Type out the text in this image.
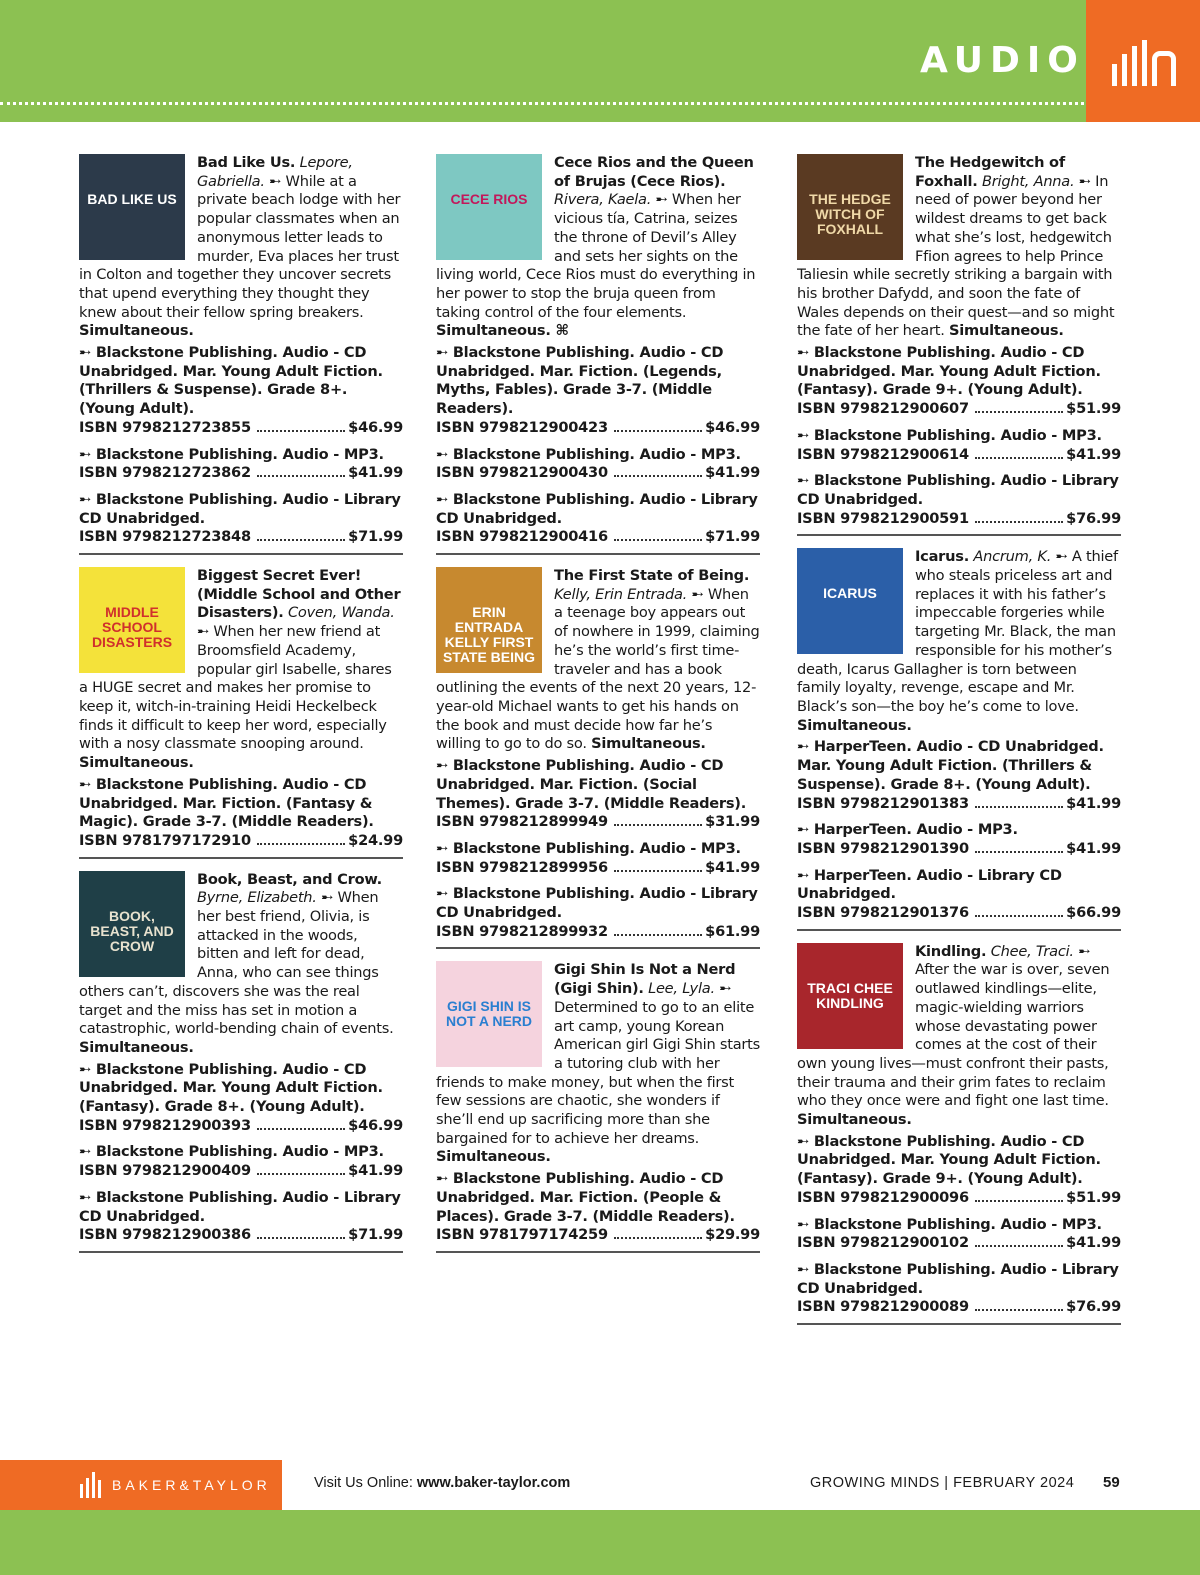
AUDIO
BAD LIKE US
Bad Like Us. Lepore, Gabriella. ➸ While at a private beach lodge with her popular classmates when an anonymous letter leads to murder, Eva places her trust in Colton and together they uncover secrets that upend everything they thought they knew about their fellow spring breakers. Simultaneous.
➸ Blackstone Publishing. Audio - CD Unabridged. Mar. Young Adult Fiction. (Thrillers & Suspense). Grade 8+. (Young Adult).
ISBN 9798212723855	$46.99
➸ Blackstone Publishing. Audio - MP3.
ISBN 9798212723862	$41.99
➸ Blackstone Publishing. Audio - Library CD Unabridged.
ISBN 9798212723848	$71.99
MIDDLE SCHOOL DISASTERS
Biggest Secret Ever! (Middle School and Other Disasters). Coven, Wanda. ➸ When her new friend at Broomsfield Academy, popular girl Isabelle, shares a HUGE secret and makes her promise to keep it, witch-in-training Heidi Heckelbeck finds it difficult to keep her word, especially with a nosy classmate snooping around. Simultaneous.
➸ Blackstone Publishing. Audio - CD Unabridged. Mar. Fiction. (Fantasy & Magic). Grade 3-7. (Middle Readers).
ISBN 9781797172910	$24.99
BOOK, BEAST, AND CROW
Book, Beast, and Crow. Byrne, Elizabeth. ➸ When her best friend, Olivia, is attacked in the woods, bitten and left for dead, Anna, who can see things others can’t, discovers she was the real target and the miss has set in motion a catastrophic, world-bending chain of events. Simultaneous.
➸ Blackstone Publishing. Audio - CD Unabridged. Mar. Young Adult Fiction. (Fantasy). Grade 8+. (Young Adult).
ISBN 9798212900393	$46.99
➸ Blackstone Publishing. Audio - MP3.
ISBN 9798212900409	$41.99
➸ Blackstone Publishing. Audio - Library CD Unabridged.
ISBN 9798212900386	$71.99
CECE RIOS
Cece Rios and the Queen of Brujas (Cece Rios). Rivera, Kaela. ➸ When her vicious tía, Catrina, seizes the throne of Devil’s Alley and sets her sights on the living world, Cece Rios must do everything in her power to stop the bruja queen from taking control of the four elements. Simultaneous. ⌘
➸ Blackstone Publishing. Audio - CD Unabridged. Mar. Fiction. (Legends, Myths, Fables). Grade 3-7. (Middle Readers).
ISBN 9798212900423	$46.99
➸ Blackstone Publishing. Audio - MP3.
ISBN 9798212900430	$41.99
➸ Blackstone Publishing. Audio - Library CD Unabridged.
ISBN 9798212900416	$71.99
ERIN ENTRADA KELLY FIRST STATE BEING
The First State of Being. Kelly, Erin Entrada. ➸ When a teenage boy appears out of nowhere in 1999, claiming he’s the world’s first time-traveler and has a book outlining the events of the next 20 years, 12-year-old Michael wants to get his hands on the book and must decide how far he’s willing to go to do so. Simultaneous.
➸ Blackstone Publishing. Audio - CD Unabridged. Mar. Fiction. (Social Themes). Grade 3-7. (Middle Readers).
ISBN 9798212899949	$31.99
➸ Blackstone Publishing. Audio - MP3.
ISBN 9798212899956	$41.99
➸ Blackstone Publishing. Audio - Library CD Unabridged.
ISBN 9798212899932	$61.99
GIGI SHIN IS NOT A NERD
Gigi Shin Is Not a Nerd (Gigi Shin). Lee, Lyla. ➸ Determined to go to an elite art camp, young Korean American girl Gigi Shin starts a tutoring club with her friends to make money, but when the first few sessions are chaotic, she wonders if she’ll end up sacrificing more than she bargained for to achieve her dreams. Simultaneous.
➸ Blackstone Publishing. Audio - CD Unabridged. Mar. Fiction. (People & Places). Grade 3-7. (Middle Readers).
ISBN 9781797174259	$29.99
THE HEDGE WITCH OF FOXHALL
The Hedgewitch of Foxhall. Bright, Anna. ➸ In need of power beyond her wildest dreams to get back what she’s lost, hedgewitch Ffion agrees to help Prince Taliesin while secretly striking a bargain with his brother Dafydd, and soon the fate of Wales depends on their quest—and so might the fate of her heart. Simultaneous.
➸ Blackstone Publishing. Audio - CD Unabridged. Mar. Young Adult Fiction. (Fantasy). Grade 9+. (Young Adult).
ISBN 9798212900607	$51.99
➸ Blackstone Publishing. Audio - MP3.
ISBN 9798212900614	$41.99
➸ Blackstone Publishing. Audio - Library CD Unabridged.
ISBN 9798212900591	$76.99
ICARUS
Icarus. Ancrum, K. ➸ A thief who steals priceless art and replaces it with his father’s impeccable forgeries while targeting Mr. Black, the man responsible for his mother’s death, Icarus Gallagher is torn between family loyalty, revenge, escape and Mr. Black’s son—the boy he’s come to love. Simultaneous.
➸ HarperTeen. Audio - CD Unabridged. Mar. Young Adult Fiction. (Thrillers & Suspense). Grade 8+. (Young Adult).
ISBN 9798212901383	$41.99
➸ HarperTeen. Audio - MP3.
ISBN 9798212901390	$41.99
➸ HarperTeen. Audio - Library CD Unabridged.
ISBN 9798212901376	$66.99
TRACI CHEE KINDLING
Kindling. Chee, Traci. ➸ After the war is over, seven outlawed kindlings—elite, magic-wielding warriors whose devastating power comes at the cost of their own young lives—must confront their pasts, their trauma and their grim fates to reclaim who they once were and fight one last time. Simultaneous.
➸ Blackstone Publishing. Audio - CD Unabridged. Mar. Young Adult Fiction. (Fantasy). Grade 9+. (Young Adult).
ISBN 9798212900096	$51.99
➸ Blackstone Publishing. Audio - MP3.
ISBN 9798212900102	$41.99
➸ Blackstone Publishing. Audio - Library CD Unabridged.
ISBN 9798212900089	$76.99
BAKER&TAYLOR	Visit Us Online: www.baker-taylor.com	GROWING MINDS | FEBRUARY 2024 59
